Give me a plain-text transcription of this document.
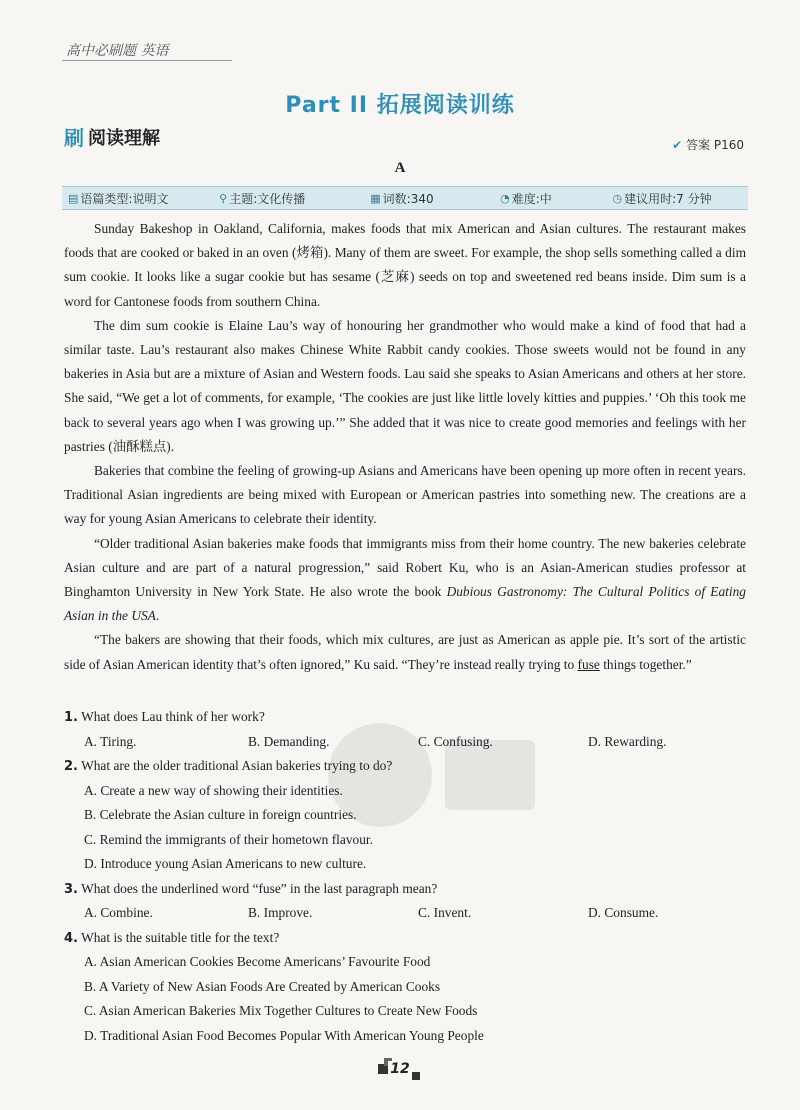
高中必刷题 英语
Part II 拓展阅读训练
刷 阅读理解	✔ 答案 P160
A
▤ 语篇类型:说明文	⚲ 主题:文化传播	▦ 词数:340	◔ 难度:中	◷ 建议用时:7 分钟

Sunday Bakeshop in Oakland, California, makes foods that mix American and Asian cultures. The restaurant makes foods that are cooked or baked in an oven (烤箱). Many of them are sweet. For example, the shop sells something called a dim sum cookie. It looks like a sugar cookie but has sesame (芝麻) seeds on top and sweetened red beans inside. Dim sum is a word for Cantonese foods from southern China.

The dim sum cookie is Elaine Lau’s way of honouring her grandmother who would make a kind of food that had a similar taste. Lau’s restaurant also makes Chinese White Rabbit candy cookies. Those sweets would not be found in any bakeries in Asia but are a mixture of Asian and Western foods. Lau said she speaks to Asian Americans and others at her store. She said, “We get a lot of comments, for example, ‘The cookies are just like little lovely kitties and puppies.’ ‘Oh this took me back to several years ago when I was growing up.’” She added that it was nice to create good memories and feelings with her pastries (油酥糕点).

Bakeries that combine the feeling of growing-up Asians and Americans have been opening up more often in recent years. Traditional Asian ingredients are being mixed with European or American pastries into something new. The creations are a way for young Asian Americans to celebrate their identity.

“Older traditional Asian bakeries make foods that immigrants miss from their home country. The new bakeries celebrate Asian culture and are part of a natural progression,” said Robert Ku, who is an Asian-American studies professor at Binghamton University in New York State. He also wrote the book Dubious Gastronomy: The Cultural Politics of Eating Asian in the USA.

“The bakers are showing that their foods, which mix cultures, are just as American as apple pie. It’s sort of the artistic side of Asian American identity that’s often ignored,” Ku said. “They’re instead really trying to fuse things together.”

1. What does Lau think of her work?
A. Tiring.	B. Demanding.	C. Confusing.	D. Rewarding.
2. What are the older traditional Asian bakeries trying to do?
A. Create a new way of showing their identities.
B. Celebrate the Asian culture in foreign countries.
C. Remind the immigrants of their hometown flavour.
D. Introduce young Asian Americans to new culture.
3. What does the underlined word “fuse” in the last paragraph mean?
A. Combine.	B. Improve.	C. Invent.	D. Consume.
4. What is the suitable title for the text?
A. Asian American Cookies Become Americans’ Favourite Food
B. A Variety of New Asian Foods Are Created by American Cooks
C. Asian American Bakeries Mix Together Cultures to Create New Foods
D. Traditional Asian Food Becomes Popular With American Young People
12
